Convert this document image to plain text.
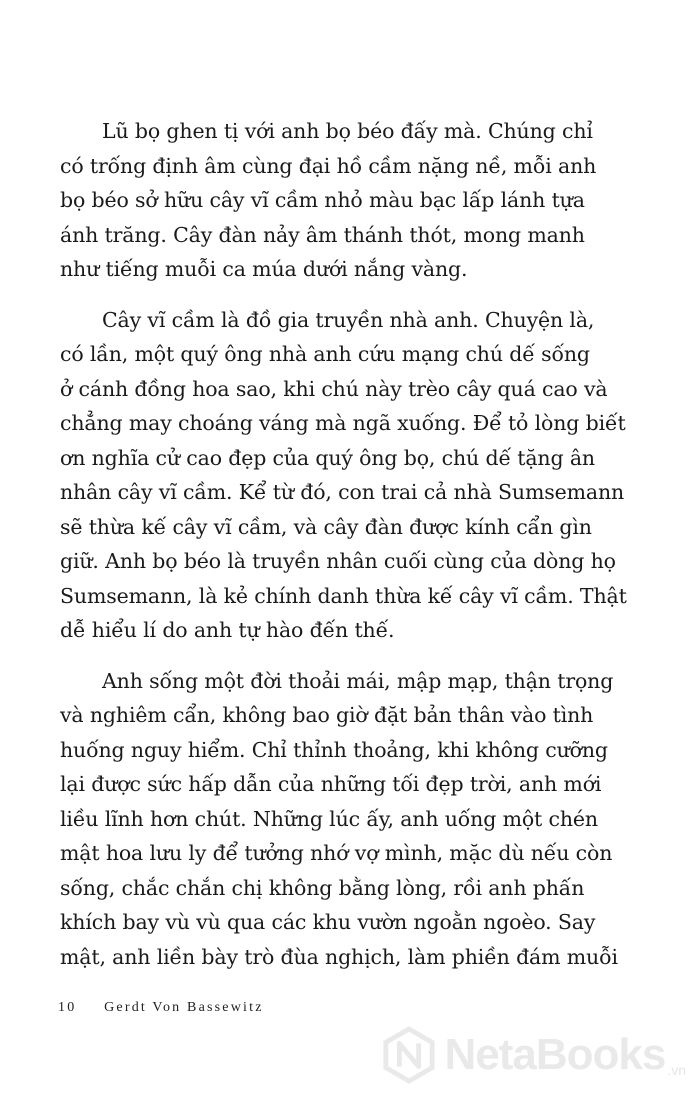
Lũ bọ ghen tị với anh bọ béo đấy mà. Chúng chỉ
có trống định âm cùng đại hồ cầm nặng nề, mỗi anh
bọ béo sở hữu cây vĩ cầm nhỏ màu bạc lấp lánh tựa
ánh trăng. Cây đàn nảy âm thánh thót, mong manh
như tiếng muỗi ca múa dưới nắng vàng.

Cây vĩ cầm là đồ gia truyền nhà anh. Chuyện là,
có lần, một quý ông nhà anh cứu mạng chú dế sống
ở cánh đồng hoa sao, khi chú này trèo cây quá cao và
chẳng may choáng váng mà ngã xuống. Để tỏ lòng biết
ơn nghĩa cử cao đẹp của quý ông bọ, chú dế tặng ân
nhân cây vĩ cầm. Kể từ đó, con trai cả nhà Sumsemann
sẽ thừa kế cây vĩ cầm, và cây đàn được kính cẩn gìn
giữ. Anh bọ béo là truyền nhân cuối cùng của dòng họ
Sumsemann, là kẻ chính danh thừa kế cây vĩ cầm. Thật
dễ hiểu lí do anh tự hào đến thế.

Anh sống một đời thoải mái, mập mạp, thận trọng
và nghiêm cẩn, không bao giờ đặt bản thân vào tình
huống nguy hiểm. Chỉ thỉnh thoảng, khi không cưỡng
lại được sức hấp dẫn của những tối đẹp trời, anh mới
liều lĩnh hơn chút. Những lúc ấy, anh uống một chén
mật hoa lưu ly để tưởng nhớ vợ mình, mặc dù nếu còn
sống, chắc chắn chị không bằng lòng, rồi anh phấn
khích bay vù vù qua các khu vườn ngoằn ngoèo. Say
mật, anh liền bày trò đùa nghịch, làm phiền đám muỗi

10 Gerdt Von Bassewitz
NetaBooks .vn
